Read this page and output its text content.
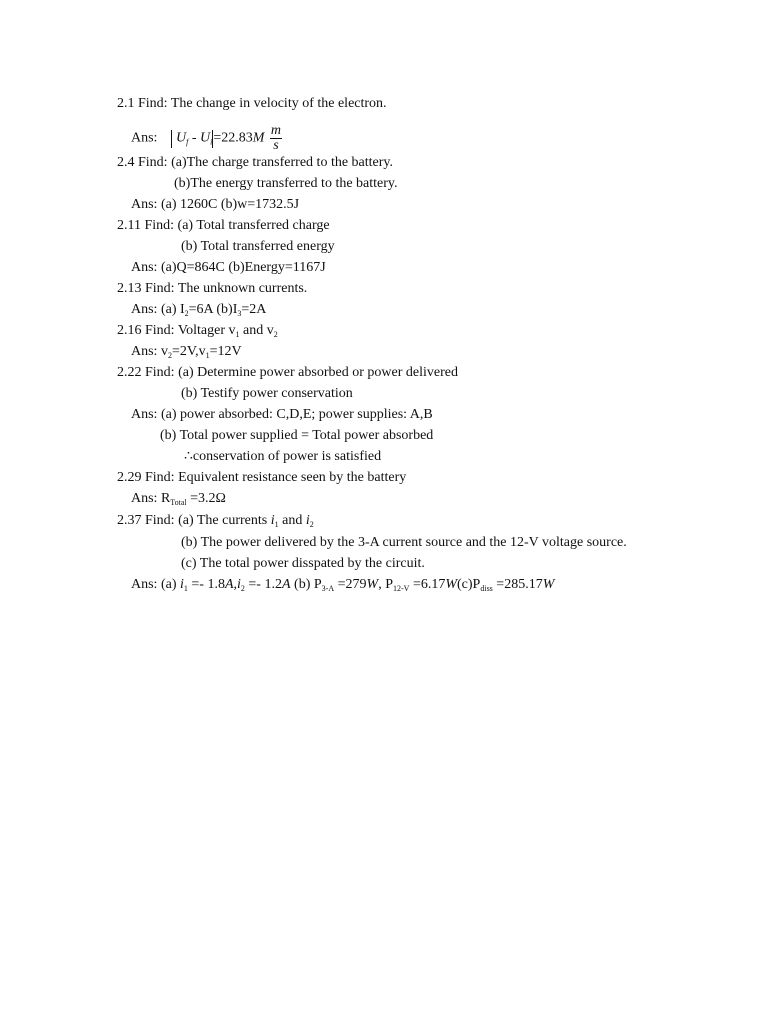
2.1 Find: The change in velocity of the electron.
Ans: $U_f - U_i=22.83M \frac{m}{s}$
2.4 Find: (a)The charge transferred to the battery.
(b)The energy transferred to the battery.
Ans: (a) 1260C (b)w=1732.5J
2.11 Find: (a) Total transferred charge
(b) Total transferred energy
Ans: (a)Q=864C (b)Energy=1167J
2.13 Find: The unknown currents.
Ans: (a) $I_2=6A$ $(b)I_3=2A$
2.16 Find: Voltager $v_1$ and $v_2$
Ans: $v_2=2V,v_1=12V$
2.22 Find: (a) Determine power absorbed or power delivered
(b) Testify power conservation
Ans: (a) power absorbed: C,D,E; power supplies: A,B
(b) Total power supplied = Total power absorbed
∴conservation of power is satisfied
2.29 Find: Equivalent resistance seen by the battery
Ans: $R_{Total} =3.2\Omega$
2.37 Find: (a) The currents $i_1$ and $i_2$
(b) The power delivered by the 3-A current source and the 12-V voltage source.
(c) The total power disspated by the circuit.
Ans: (a) $i_1 =- 1.8A,i_2 =- 1.2A$ (b) $P_{3-A} =279W$, $P_{12-V} =6.17W(c)P_{diss} =285.17W$
